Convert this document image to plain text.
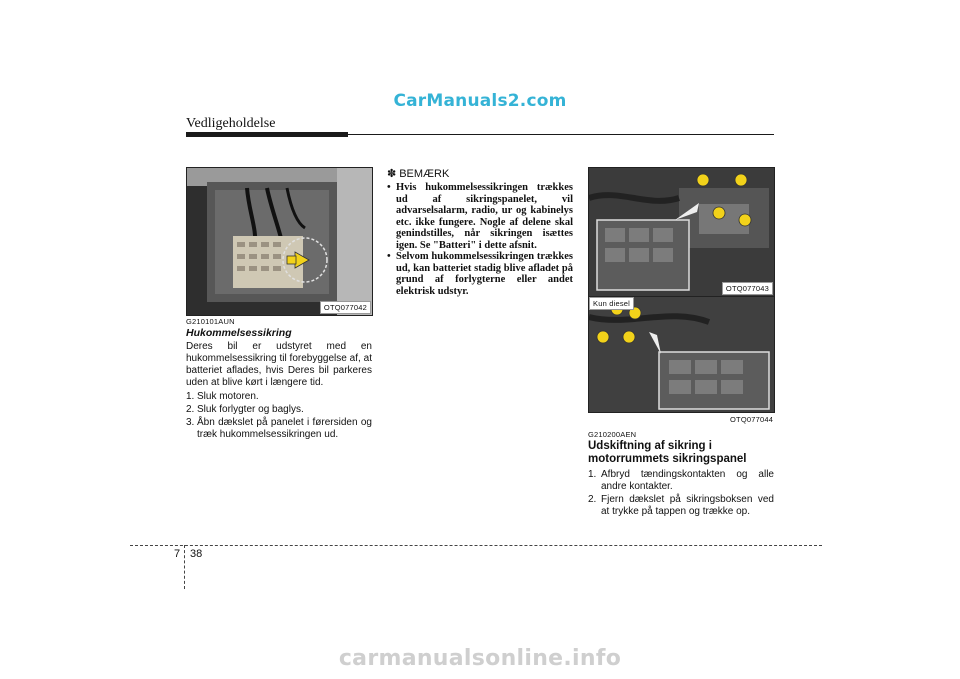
CarManuals2.com
Vedligeholdelse
OTQ077042
G210101AUN
Hukommelsessikring

Deres bil er udstyret med en hukommelsessikring til forebyggelse af, at batteriet aflades, hvis Deres bil parkeres uden at blive kørt i længere tid.

1. Sluk motoren.
2. Sluk forlygter og baglys.
3. Åbn dækslet på panelet i førersiden og træk hukommelsessikringen ud.
✽ BEMÆRK
• Hvis hukommelsessikringen trækkes ud af sikringspanelet, vil advarselsalarm, radio, ur og kabinelys etc. ikke fungere. Nogle af delene skal genindstilles, når sikringen isættes igen. Se "Batteri" i dette afsnit.
• Selvom hukommelsessikringen trækkes ud, kan batteriet stadig blive afladet på grund af forlygterne eller andet elektrisk udstyr.	OTQ077043
Kun diesel
OTQ077044
G210200AEN
Udskiftning af sikring i motorrummets sikringspanel
1. Afbryd tændingskontakten og alle andre kontakter.
2. Fjern dækslet på sikringsboksen ved at trykke på tappen og trække op.
7 38
carmanualsonline.info
